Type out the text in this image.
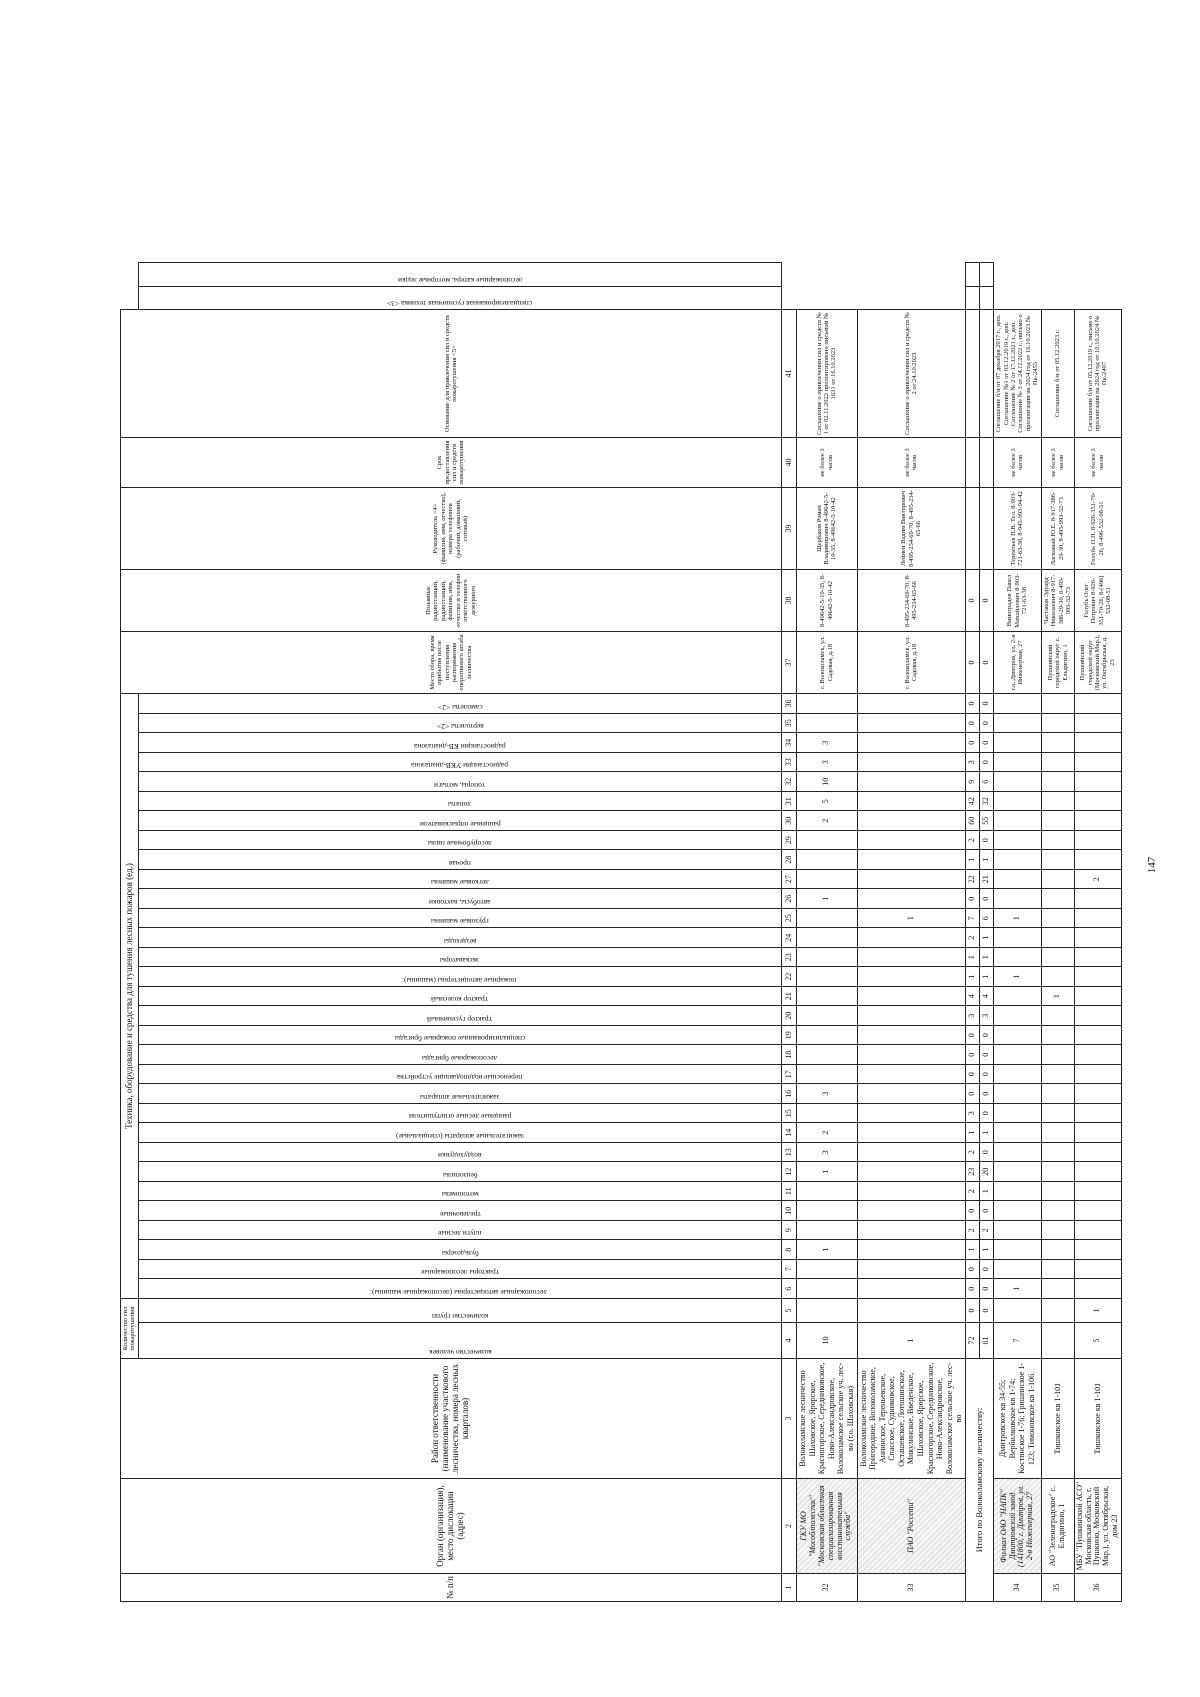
147
№ п/п	Орган (организация), место дислокации (адрес)	Район ответственности (наименование участкового лесничества, номера лесных кварталов)	Количество сил пожаротушения		Техника, оборудование и средства для тушения лесных пожаров (ед.)																															Место сбора, время прибытия после поступления распоряжения оперативного штаба лесничества	Позывные радиостанций, радиостанций, фамилия, имя, отчество и телефон ответственного дежурного	Руководитель <4> (фамилия, имя, отчество), номера телефонов (рабочий, домашний, сотовый)	Срок предоставления сил и средств пожаротушения	Основание для привлечения сил и средств пожаротушения <5>		

			количество человек	количество групп	лесопожарные автоцистерны (лесопожарные машины)	тракторы лесопожарные	бульдозеры	плуги лесные	трелевочные	мотопомпы	бензопилы	воздуходувки	зажигательные аппараты (специальные)	ранцевые лесные огнетушители	зажигательные аппараты	переносные водоподающие устройства	лесопожарные бригады	специализированные пожарные бригады	трактор гусеничный	трактор колесный	пожарные автоцистерны (машины)	экскаваторы	вездеходы	грузовые машины	автобусы, вахтовки	легковые машины	прочая	лесорубочные пилы	ранцевые опрыскиватели	лопаты	топоры, мотыги	радиостанции УКВ-диапазона	радиостанции КВ-диапазона	вертолеты <2>	самолеты <2>						специализированная гусеничная техника <3>	лесопожарные катера, моторные лодки

1	2	3	4	5	6	7	8	9	10	11	12	13	14	15	16	17	18	19	20	21	22	23	24	25	26	27	28	29	30	31	32	33	34	35	36	37	38	39	40	41		
32	ГКУ МО "Мособлпожспас" "Московская областная специализированная восстановительная служба"	Волоколамское лесничество Шаховское, Ярорское, Красногорское, Середниковское, Ново-Александровское, Волоколамское сельское уч. лес-во (г.о. Шаховская)	10				1				1	3	2		3										1				2	5	10	3	3			г. Волоколамск, ул. Садовая, д.18	8-49642-5-10-35, 8-49642-5-10-42	Щербаков Роман Владимирович 8-49642-5-10-35, 8-49642-5-10-42	не более 3 часов	Соглашение о привлечении сил и средств № 1 от 02.11.2022 пролонгировано письмом № 1631 от 16.10.2023		
33	ПАО "Россети"	Волоколамское лесничество Пригородное, Волоколамское, Аннинское, Тереньевское, Спасское, Судниковское, Осташевское, Лотошинское, Микулинское, Введенское, Шаховское, Ярорское, Красногорское, Середниковское, Ново-Александровское, Волоколамское сельское уч. лес-во	1																					1												г. Волоколамск, ул. Садовая, д.18	8-495-234-69-70, 8-495-234-65-66	Лейнеи Вадим Викторович 8-495-234-69-70, 8-495-234-65-66	не более 3 часов	Соглашение о привлечении сил и средств № 2 от 24.10.2023		
Итого по Волоколамскому лесничеству:			72	0	0	0	1	2	0	2	23	2	1	3	0	0	0	0	3	4	1	1	2	7	0	22	1	2	60	42	9	3	0	0	0	0	0					
			61	0	0	0	1	2	0	1	20	0	1	0	0	0	0	0	3	4	1	1	1	6	0	21	1	0	55	32	6	0	0	0	0	0	0					
34	Филиал ОАО "НАПК" Дмитровский завод (141800, г. Дмитров, ул. 2-я Инженерная, 27	Дмитровское кв 34-55; Вербилковское кв 1-74; Костинское 1-76; Гришинское 1-123; Тимоновское кв 1-106.	7		1																1			1												г.о. Дмитров, ул. 2-я Инженерная, 27	Виноградов Павел Михайлович 8-903-721-63-38	Терентьев П.В. Тел. 8-903-721-63-38, 8-945-993-94-42	не более 3 часов	Соглашение б/н от 07 декабря 2017 г., доп. Соглашение №1 от 03.12.2019 г., доп. Соглашение № 2 от 17.12.2021 г., доп. Соглашение № 3 от 24.12.2022 г., письмо о пролонгации на 2024 год от 16.10.2023 № Пк-2453		
35	АО "Зеленоградское" с. Ельдигино, 1	Тишковское кв 1-101																		1																Пушкинский городской округ с. Ельдигино, 1	Частаков Эдуард Николаевич 8-917-386-29-30, 8-495-993-32-73	Ласкавый Ю.Е. 8-917-386-29-30, 8-495-993-32-73	не более 3 часов	Соглашение б/н от 05.12.2023 г.		
36	МБУ "Пушкинский АСО" Московская область, г. Пушкино, Московский Мкр.), ул. Октябрьская, дом 23	Тишковское кв 1-101	5	1																						2										Пушкинский городской округ (Московский Мкр.), ул. Октябрьская, д. 23	Голубь Олег Петрович 8-926-351-70-26, 8-(496) 532-08-51	Голубь О.П. 8-926-351-70-26, 8-496-532-08-51	не более 3 часов	Соглашение б/н от 05.12.2019 г., письмо о пролонгации на 2024 год от 10.10.2024 № Пк-2407		
